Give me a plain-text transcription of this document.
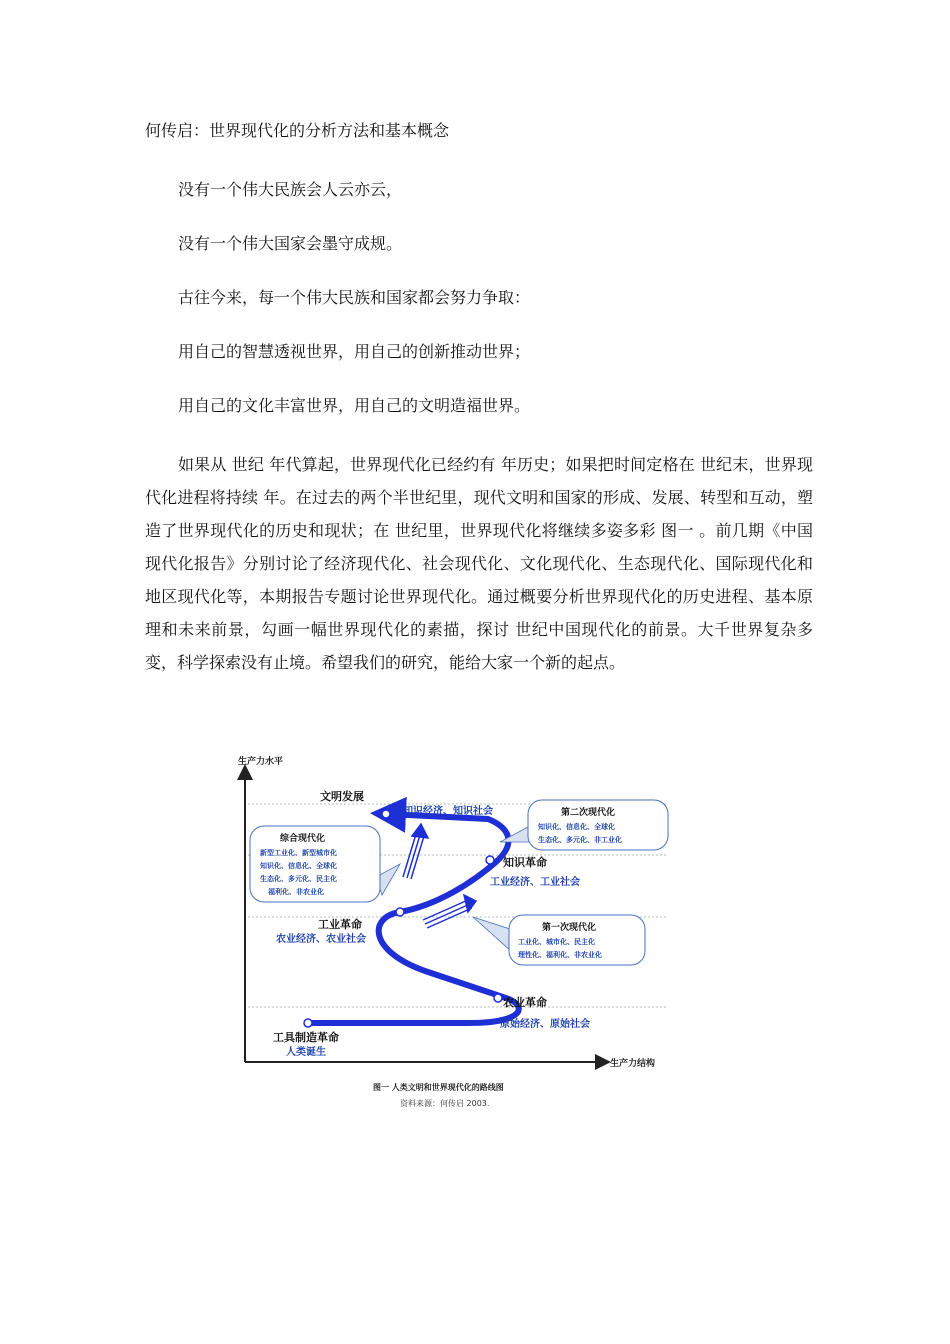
何传启：世界现代化的分析方法和基本概念
没有一个伟大民族会人云亦云，
没有一个伟大国家会墨守成规。
古往今来，每一个伟大民族和国家都会努力争取：
用自己的智慧透视世界，用自己的创新推动世界；
用自己的文化丰富世界，用自己的文明造福世界。
如果从 世纪 年代算起，世界现代化已经约有 年历史；如果把时间定格在 世纪末，世界现代化进程将持续 年。在过去的两个半世纪里，现代文明和国家的形成、发展、转型和互动，塑造了世界现代化的历史和现状；在 世纪里，世界现代化将继续多姿多彩 图一 。前几期《中国现代化报告》分别讨论了经济现代化、社会现代化、文化现代化、生态现代化、国际现代化和地区现代化等，本期报告专题讨论世界现代化。通过概要分析世界现代化的历史进程、基本原理和未来前景，勾画一幅世界现代化的素描，探讨 世纪中国现代化的前景。大千世界复杂多变，科学探索没有止境。希望我们的研究，能给大家一个新的起点。
生产力水平
生产力结构
工具制造革命
人类诞生
农业革命
原始经济、原始社会
工业革命
农业经济、农业社会
知识革命
工业经济、工业社会
文明发展
知识经济、知识社会
综合现代化
新型工业化、新型城市化
知识化、信息化、全球化
生态化、多元化、民主化
福利化、非农业化
第二次现代化
知识化、信息化、全球化
生态化、多元化、非工业化
第一次现代化
工业化、城市化、民主化
理性化、福利化、非农业化
图一 人类文明和世界现代化的路线图
资料来源：何传启 2003.
